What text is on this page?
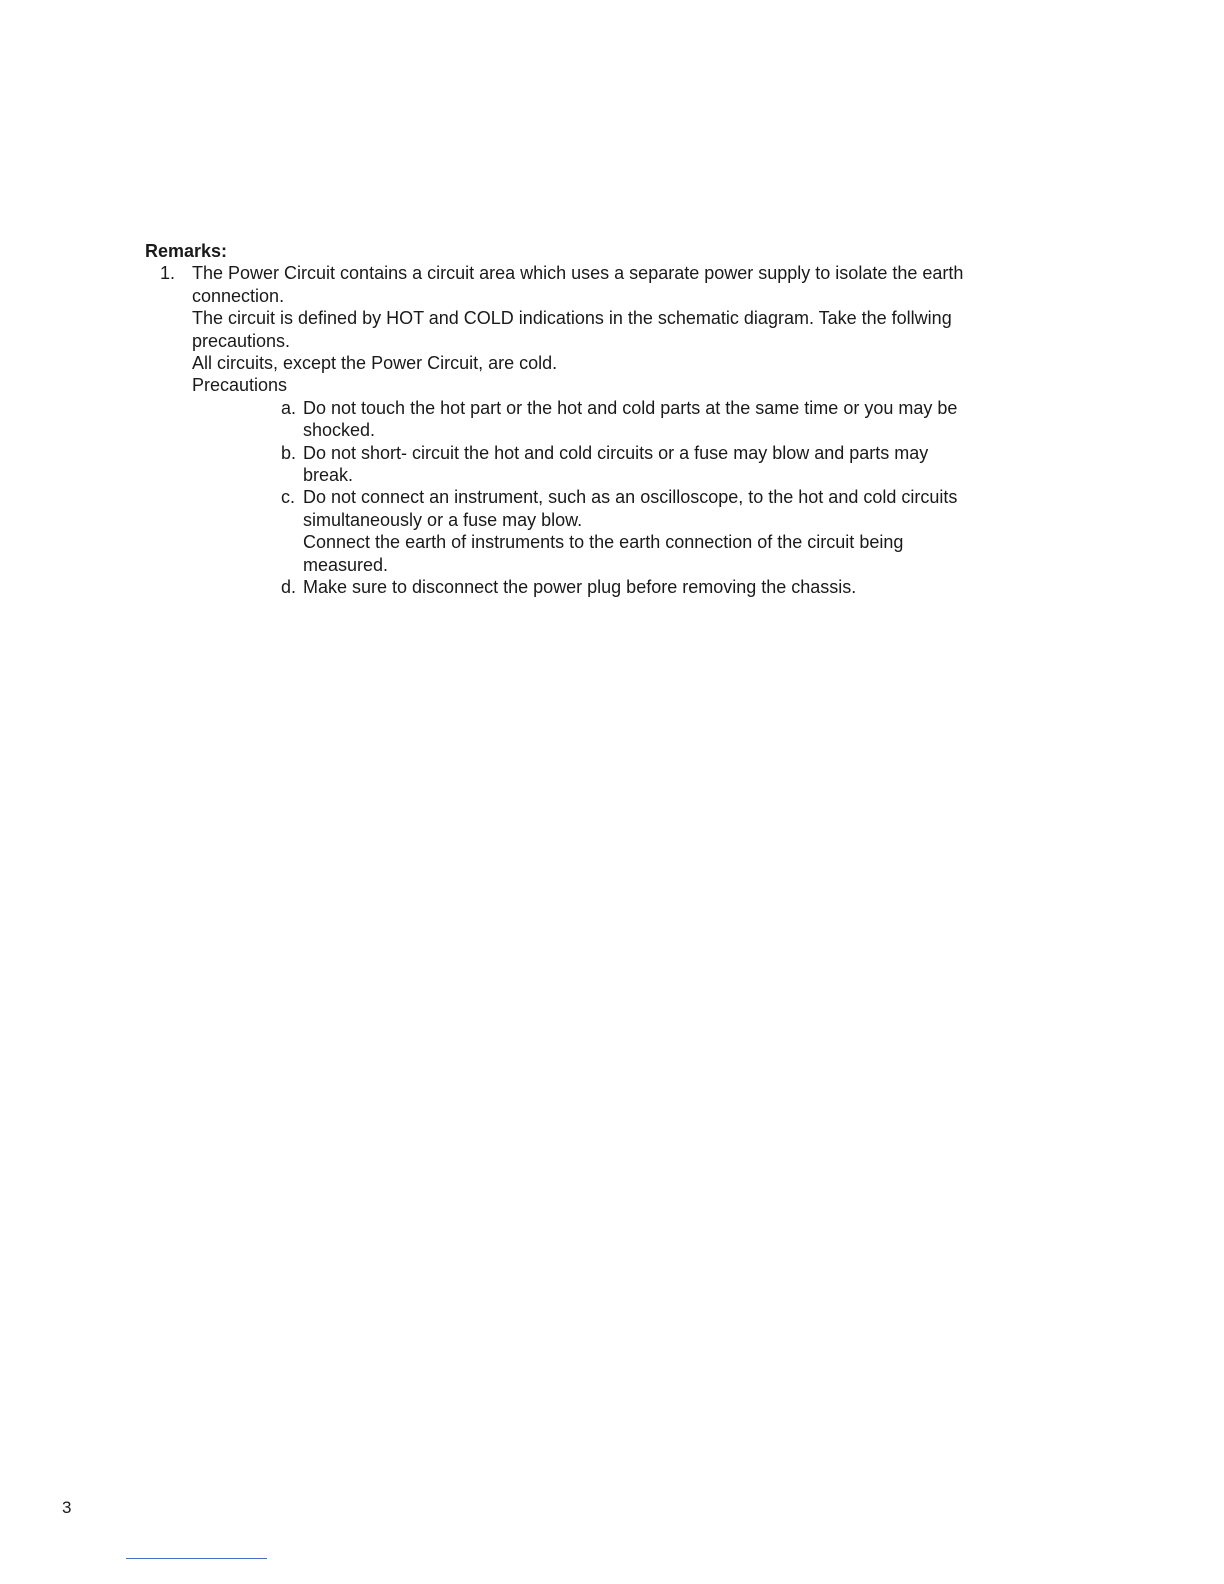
Remarks:

1. The Power Circuit contains a circuit area which uses a separate power supply to isolate the earth connection.

The circuit is defined by HOT and COLD indications in the schematic diagram. Take the follwing precautions.

All circuits, except the Power Circuit, are cold.

Precautions

a. Do not touch the hot part or the hot and cold parts at the same time or you may be shocked.

b. Do not short- circuit the hot and cold circuits or a fuse may blow and parts may break.

c. Do not connect an instrument, such as an oscilloscope, to the hot and cold circuits simultaneously or a fuse may blow.

Connect the earth of instruments to the earth connection of the circuit being measured.

d. Make sure to disconnect the power plug before removing the chassis.

3
